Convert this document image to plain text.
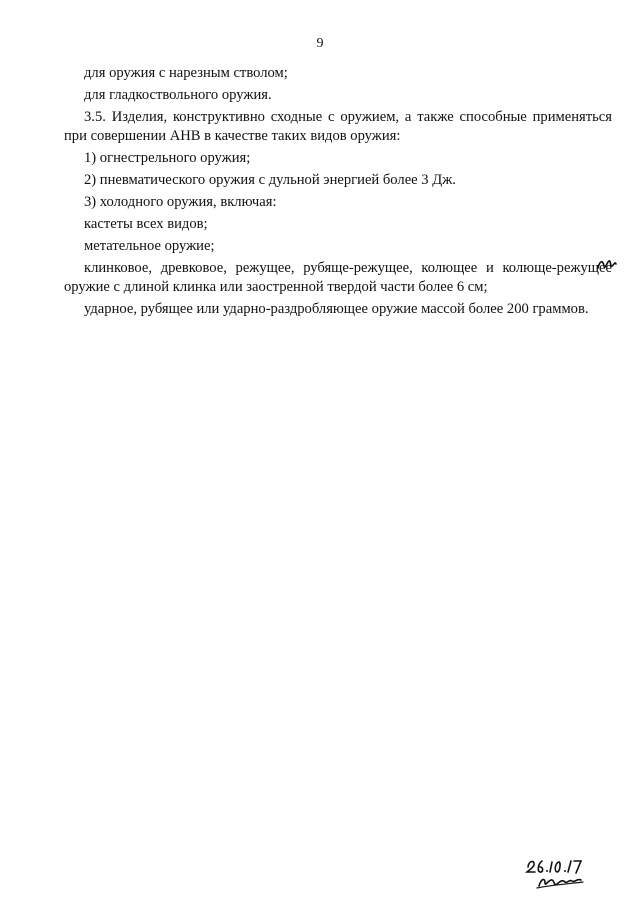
9

для оружия с нарезным стволом;

для гладкоствольного оружия.

3.5. Изделия, конструктивно сходные с оружием, а также способные применяться при совершении АНВ в качестве таких видов оружия:

1) огнестрельного оружия;

2) пневматического оружия с дульной энергией более 3 Дж.

3) холодного оружия, включая:

кастеты всех видов;

метательное оружие;

клинковое, древковое, режущее, рубяще-режущее, колющее и колюще-режущее оружие с длиной клинка или заостренной твердой части более 6 см;

ударное, рубящее или ударно-раздробляющее оружие массой более 200 граммов.
